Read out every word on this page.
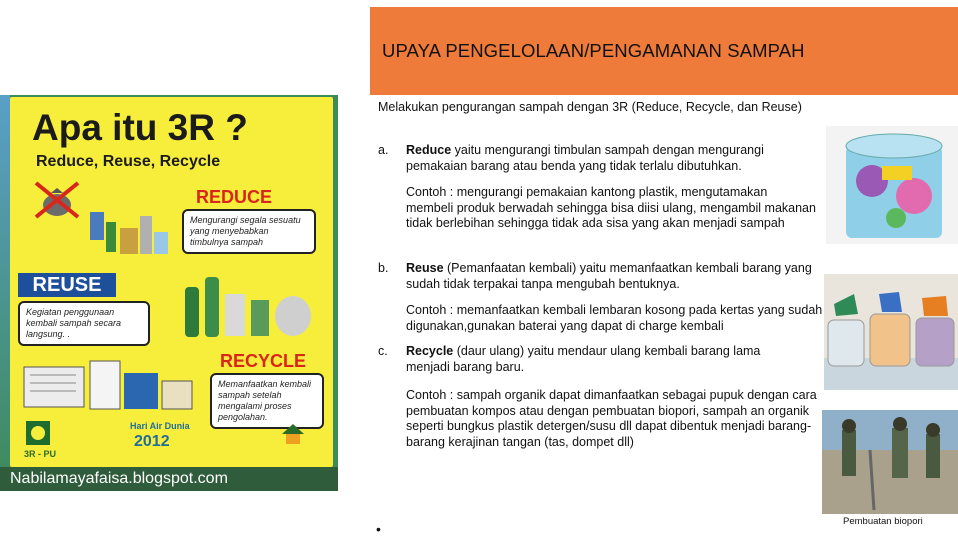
UPAYA PENGELOLAAN/PENGAMANAN SAMPAH
Apa itu 3R ?
Reduce, Reuse, Recycle
REDUCE
Mengurangi segala sesuatu yang menyebabkan timbulnya sampah
REUSE
Kegiatan penggunaan kembali sampah secara langsung. .
RECYCLE
Memanfaatkan kembali sampah setelah mengalami proses pengolahan.
3R - PU
Hari Air Dunia
2012
Nabilamayafaisa.blogspot.com
Melakukan pengurangan sampah dengan 3R (Reduce, Recycle, dan Reuse)
a. Reduce yaitu mengurangi timbulan sampah dengan mengurangi pemakaian barang atau benda yang tidak terlalu dibutuhkan.
Contoh : mengurangi pemakaian kantong plastik, mengutamakan membeli produk berwadah sehingga bisa diisi ulang, mengambil makanan tidak berlebihan sehingga tidak ada sisa yang akan menjadi sampah
b. Reuse (Pemanfaatan kembali) yaitu memanfaatkan kembali barang yang sudah tidak terpakai tanpa mengubah bentuknya.
Contoh : memanfaatkan kembali lembaran kosong pada kertas yang sudah digunakan,gunakan baterai yang dapat di charge kembali
c. Recycle (daur ulang) yaitu mendaur ulang kembali barang lama menjadi barang baru.
Contoh : sampah organik dapat dimanfaatkan sebagai pupuk dengan cara pembuatan kompos atau dengan pembuatan biopori, sampah an organik seperti bungkus plastik detergen/susu dll dapat dibentuk menjadi barang-barang kerajinan tangan (tas, dompet dll)
Pembuatan biopori
•
